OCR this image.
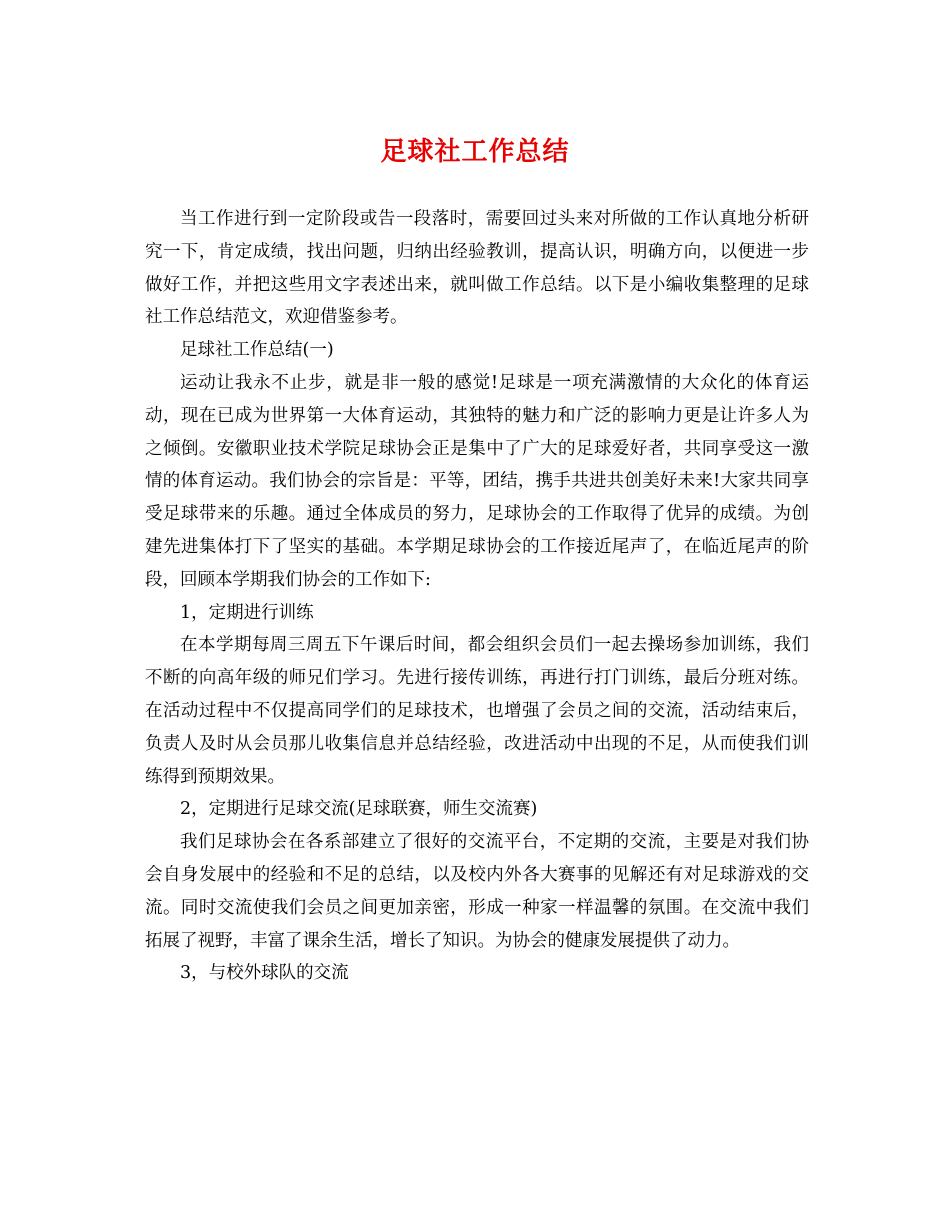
足球社工作总结

当工作进行到一定阶段或告一段落时，需要回过头来对所做的工作认真地分析研究一下，肯定成绩，找出问题，归纳出经验教训，提高认识，明确方向，以便进一步做好工作，并把这些用文字表述出来，就叫做工作总结。以下是小编收集整理的足球社工作总结范文，欢迎借鉴参考。

足球社工作总结(一)

运动让我永不止步，就是非一般的感觉!足球是一项充满激情的大众化的体育运动，现在已成为世界第一大体育运动，其独特的魅力和广泛的影响力更是让许多人为之倾倒。安徽职业技术学院足球协会正是集中了广大的足球爱好者，共同享受这一激情的体育运动。我们协会的宗旨是：平等，团结，携手共进共创美好未来!大家共同享受足球带来的乐趣。通过全体成员的努力，足球协会的工作取得了优异的成绩。为创建先进集体打下了坚实的基础。本学期足球协会的工作接近尾声了，在临近尾声的阶段，回顾本学期我们协会的工作如下:

1，定期进行训练

在本学期每周三周五下午课后时间，都会组织会员们一起去操场参加训练，我们不断的向高年级的师兄们学习。先进行接传训练，再进行打门训练，最后分班对练。在活动过程中不仅提高同学们的足球技术，也增强了会员之间的交流，活动结束后，负责人及时从会员那儿收集信息并总结经验，改进活动中出现的不足，从而使我们训练得到预期效果。

2，定期进行足球交流(足球联赛，师生交流赛)

我们足球协会在各系部建立了很好的交流平台，不定期的交流，主要是对我们协会自身发展中的经验和不足的总结，以及校内外各大赛事的见解还有对足球游戏的交流。同时交流使我们会员之间更加亲密，形成一种家一样温馨的氛围。在交流中我们拓展了视野，丰富了课余生活，增长了知识。为协会的健康发展提供了动力。

3，与校外球队的交流
